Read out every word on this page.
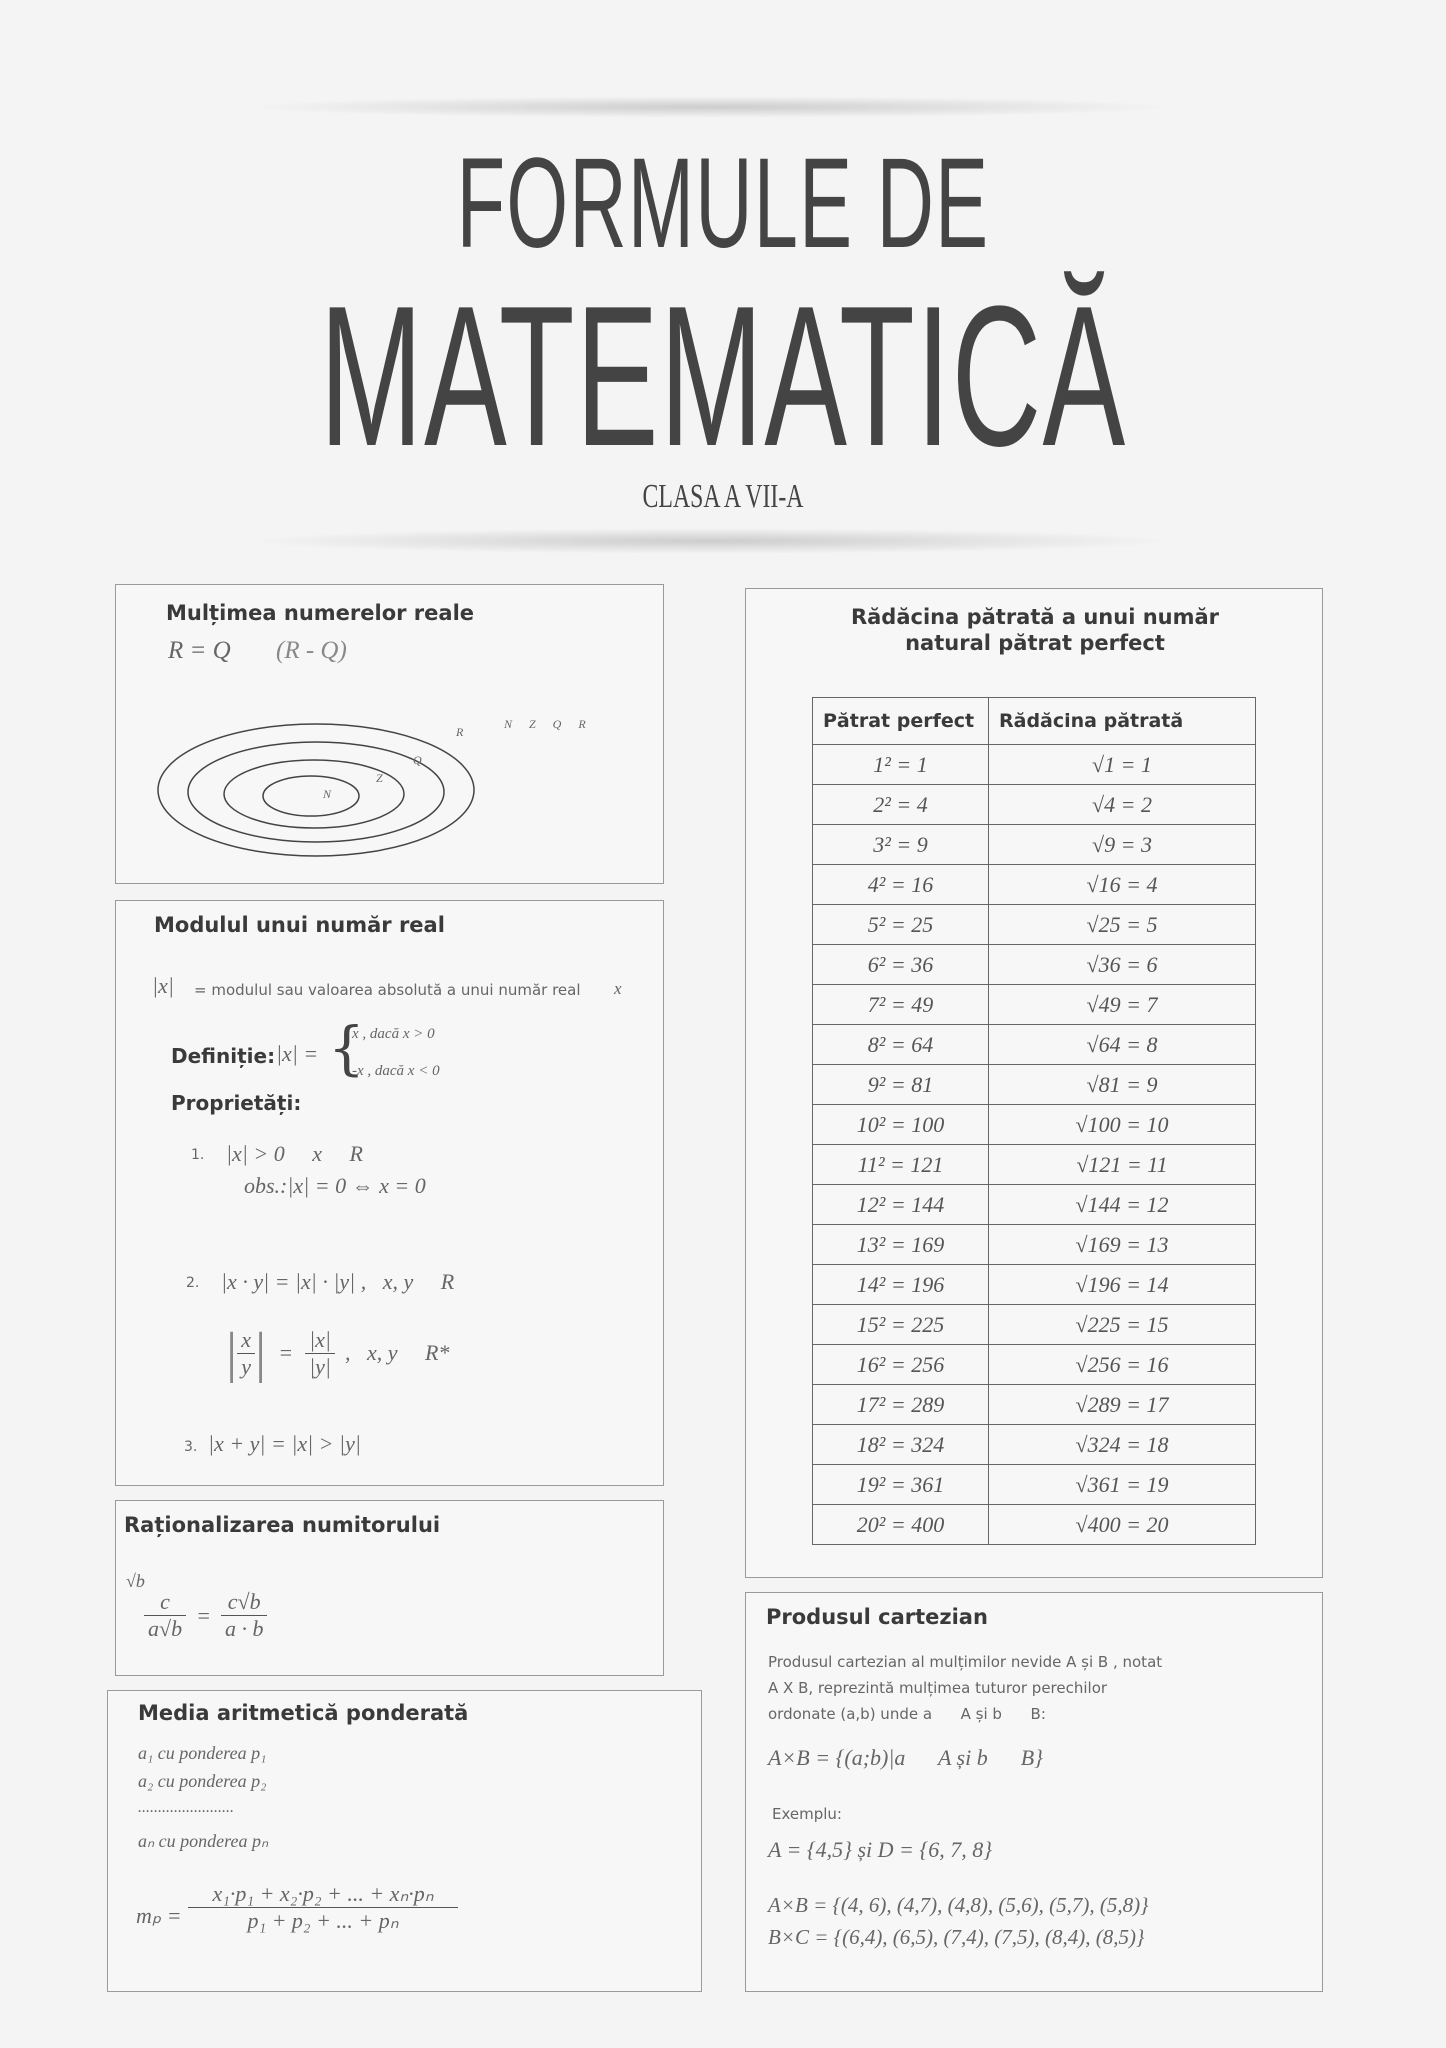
FORMULE DE
MATEMATICĂ
CLASA A VII-A
Mulțimea numerelor reale
R = Q (R - Q)
R
Q
Z
N
N Z Q R
Modulul unui număr real
|x| = modulul sau valoarea absolută a unui număr real x
Definiție: |x| = {
x , dacă x > 0
-x , dacă x < 0
Proprietăți:
1. |x| > 0     x     R
obs.:|x| = 0 ⇔ x = 0
2. |x · y| = |x| · |y| ,   x, y     R
| $\frac{x}{y}$ | = $\frac{|x|}{|y|}$ ,   x, y     R*
3. |x + y| = |x| > |y|
Raționalizarea numitorului
√b
$\frac{c}{a√b} = \frac{c√b}{a \cdot b}$
Media aritmetică ponderată
a₁ cu ponderea p₁
a₂ cu ponderea p₂
........................
aₙ cu ponderea pₙ
$m_p = \frac{\text{x₁·p₁ + x₂·p₂ + ... + xₙ·pₙ}}{\text{p₁ + p₂ + ... + pₙ}}$
Rădăcina pătrată a unui număr
natural pătrat perfect
Pătrat perfect	Rădăcina pătrată
1² = 1	√1 = 1
2² = 4	√4 = 2
3² = 9	√9 = 3
4² = 16	√16 = 4
5² = 25	√25 = 5
6² = 36	√36 = 6
7² = 49	√49 = 7
8² = 64	√64 = 8
9² = 81	√81 = 9
10² = 100	√100 = 10
11² = 121	√121 = 11
12² = 144	√144 = 12
13² = 169	√169 = 13
14² = 196	√196 = 14
15² = 225	√225 = 15
16² = 256	√256 = 16
17² = 289	√289 = 17
18² = 324	√324 = 18
19² = 361	√361 = 19
20² = 400	√400 = 20
Produsul cartezian
Produsul cartezian al mulțimilor nevide A și B , notat
A X B, reprezintă mulțimea tuturor perechilor
ordonate (a,b) unde a      A și b      B:
A×B = {(a;b)|a      A și b      B}
Exemplu:
A = {4,5} și D = {6, 7, 8}
A×B = {(4, 6), (4,7), (4,8), (5,6), (5,7), (5,8)}
B×C = {(6,4), (6,5), (7,4), (7,5), (8,4), (8,5)}
